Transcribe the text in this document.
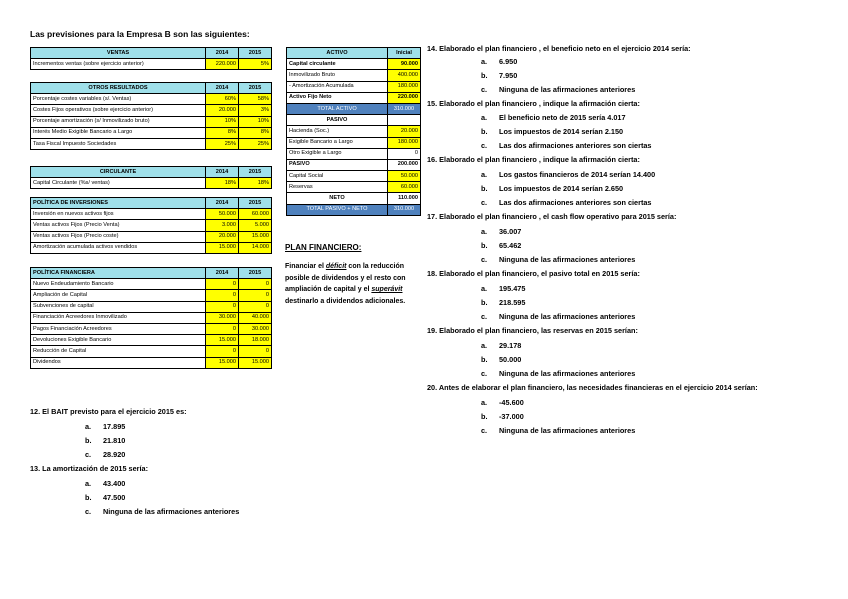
Las previsiones para la Empresa B son las siguientes:
VENTAS	2014	2015
Incrementos ventas (sobre ejercicio anterior)	220.000	5%
OTROS RESULTADOS	2014	2015
Porcentaje costes variables (s/. Ventas)	60%	58%
Costes Fijos operativos (sobre ejercicio anterior)	20.000	3%
Porcentaje amortización (s/ Inmovilizado bruto)	10%	10%
Interés Medio Exigible Bancario a Largo	8%	8%
Tasa Fiscal Impuesto Sociedades	25%	25%
CIRCULANTE	2014	2015
Capital Circulante (%s/ ventas)	18%	18%
POLÍTICA DE INVERSIONES	2014	2015
Inversión en nuevos activos fijos	50.000	60.000
Ventas activos Fijos (Precio Venta)	3.000	5.000
Ventas activos Fijos (Precio coste)	20.000	15.000
Amortización acumulada activos vendidos	15.000	14.000
POLÍTICA FINANCIERA	2014	2015
Nuevo Endeudamiento Bancario	0	0
Ampliación de Capital	0	0
Subvenciones de capital	0	0
Financiación Acreedores Inmovilizado	30.000	40.000
Pagos Financiación Acreedores	0	30.000
Devoluciones Exigible Bancario	15.000	18.000
Reducción de Capital	0	0
Dividendos	15.000	15.000
ACTIVO	Inicial
Capital circulante	90.000
Inmovilizado Bruto	400.000
- Amortización Acumulada	180.000
Activo Fijo Neto	220.000
TOTAL ACTIVO	310.000
PASIVO	
Hacienda (Soc.)	20.000
Exigible Bancario a Largo	180.000
Otro Exigible a Largo	0
PASIVO	200.000
Capital Social	50.000
Reservas	60.000
NETO	110.000
TOTAL PASIVO + NETO	310.000
PLAN FINANCIERO:
Financiar el déficit con la reducción posible de dividendos y el resto con ampliación de capital y el superávit destinarlo a dividendos adicionales.
12. El BAIT previsto para el ejercicio 2015 es:
a. 17.895
b. 21.810
c. 28.920
13. La amortización de 2015 sería:
a. 43.400
b. 47.500
c. Ninguna de las afirmaciones anteriores
14. Elaborado el plan financiero , el beneficio neto en el ejercicio 2014 sería:
a. 6.950
b. 7.950
c. Ninguna de las afirmaciones anteriores
15. Elaborado el plan financiero , indique la afirmación cierta:
a. El beneficio neto de 2015 sería 4.017
b. Los impuestos de 2014 serían 2.150
c. Las dos afirmaciones anteriores son ciertas
16. Elaborado el plan financiero , indique la afirmación cierta:
a. Los gastos financieros de 2014 serían 14.400
b. Los impuestos de 2014 serían 2.650
c. Las dos afirmaciones anteriores son ciertas
17. Elaborado el plan financiero , el cash flow operativo para 2015 sería:
a. 36.007
b. 65.462
c. Ninguna de las afirmaciones anteriores
18. Elaborado el plan financiero, el pasivo total en 2015 sería:
a. 195.475
b. 218.595
c. Ninguna de las afirmaciones anteriores
19. Elaborado el plan financiero, las reservas en 2015 serían:
a. 29.178
b. 50.000
c. Ninguna de las afirmaciones anteriores
20. Antes de elaborar el plan financiero, las necesidades financieras en el ejercicio 2014 serían:
a. -45.600
b. -37.000
c. Ninguna de las afirmaciones anteriores
